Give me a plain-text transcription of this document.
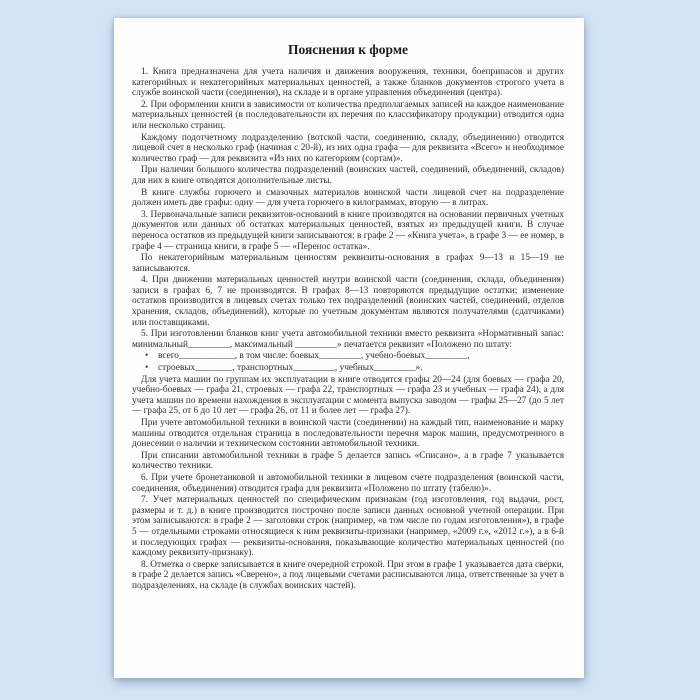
Пояснения к форме

1. Книга предназначена для учета наличия и движения вооружения, техники, боеприпасов и других категорийных и некатегорийных материальных ценностей, а также бланков документов строгого учета в службе воинской части (соединения), на складе и в органе управления объединения (центра).

2. При оформлении книги в зависимости от количества предполагаемых записей на каждое наименование материальных ценностей (в последовательности их перечня по классификатору продукции) отводится одна или несколько страниц.

Каждому подотчетному подразделению (вотской части, соединению, складу, объединению) отводится лицевой счет в несколько граф (начиная с 20-й), из них одна графа — для реквизита «Всего» и необходимое количество граф — для реквизита «Из них по категориям (сортам)».

При наличии большого количества подразделений (воинских частей, соединений, объединений, складов) для них в книге отводятся дополнительные листы.

В книге службы горючего и смазочных материалов воинской части лицевой счет на подразделение должен иметь две графы: одну — для учета горючего в килограммах, вторую — в литрах.

3. Первоначальные записи реквизитов-оснований в книге производятся на основании первичных учетных документов или данных об остатках материальных ценностей, взятых из предыдущей книги. В случае переноса остатков из предыдущей книги записываются: в графе 2 — «Книга учета», в графе 3 — ее номер, в графе 4 — страница книги, в графе 5 — «Перенос остатка».

По некатегорийным материальным ценностям реквизиты-основания в графах 9—13 и 15—19 не записываются.

4. При движении материальных ценностей внутри воинской части (соединения, склада, объединения) записи в графах 6, 7 не производятся. В графах 8—13 повторяются предыдущие остатки; изменение остатков производится в лицевых счетах только тех подразделений (воинских частей, соединений, отделов хранения, складов, объединений), которые по учетным документам являются получателями (сдатчиками) или поставщиками.

5. При изготовлении бланков книг учета автомобильной техники вместо реквизита «Нормативный запас: минимальный_________, максимальный _________» печатается реквизит «Положено по штату:

• всего____________, в том числе: боевых_________, учебно-боевых_________,

• строевых________, транспортных_________, учебных_________».

Для учета машин по группам их эксплуатации в книге отводятся графы 20—24 (для боевых — графа 20, учебно-боевых — графа 21, строевых — графа 22, транспортных — графа 23 и учебных — графа 24), а для учета машин по времени нахождения в эксплуатации с момента выпуска заводом — графы 25—27 (до 5 лет — графа 25, от 6 до 10 лет — графа 26, от 11 и более лет — графа 27).

При учете автомобильной техники в воинской части (соединении) на каждый тип, наименование и марку машины отводится отдельная страница в последовательности перечня марок машин, предусмотренного в донесении о наличии и техническом состоянии автомобильной техники.

При списании автомобильной техники в графе 5 делается запись «Списано», а в графе 7 указывается количество техники.

6. При учете бронетанковой и автомобильной техники в лицевом счете подразделения (воинской части, соединения, объединения) отводится графа для реквизита «Положено по штату (табелю)».

7. Учет материальных ценностей по специфическим признакам (год изготовления, год выдачи, рост, размеры и т. д.) в книге производится построчно после записи данных основной учетной операции. При этом записываются: в графе 2 — заголовки строк (например, «в том числе по годам изготовления»), в графе 5 — отдельными строками относящиеся к ним реквизиты-признаки (например, «2009 г.», «2012 г.»), а в 6-й и последующих графах — реквизиты-основания, показывающие количество материальных ценностей (по каждому реквизиту-признаку).

8. Отметка о сверке записывается в книге очередной строкой. При этом в графе 1 указывается дата сверки, в графе 2 делается запись «Сверено», а под лицевыми счетами расписываются лица, ответственные за учет в подразделениях, на складе (в службах воинских частей).
